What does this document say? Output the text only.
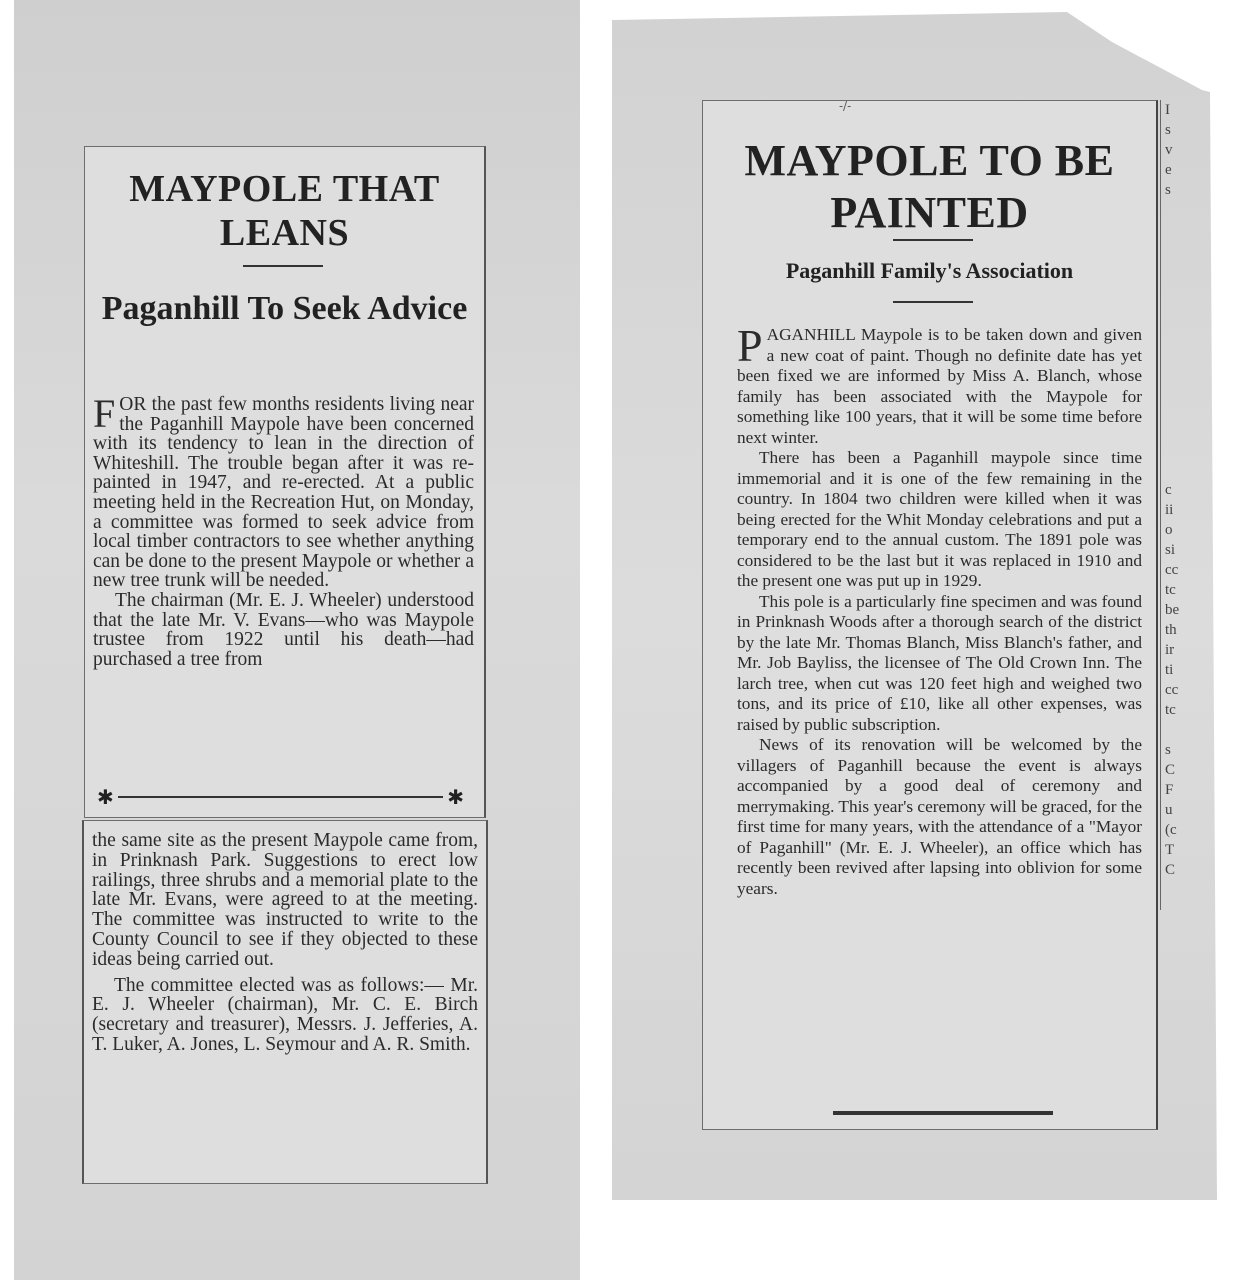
MAYPOLE THAT LEANS
Paganhill To Seek Advice

FOR the past few months residents living near the Paganhill Maypole have been concerned with its tendency to lean in the direction of Whiteshill. The trouble began after it was re-painted in 1947, and re-erected. At a public meeting held in the Recreation Hut, on Monday, a committee was formed to seek advice from local timber contractors to see whether anything can be done to the present Maypole or whether a new tree trunk will be needed.

The chairman (Mr. E. J. Wheeler) understood that the late Mr. V. Evans—who was Maypole trustee from 1922 until his death—had purchased a tree from

✱	✱

the same site as the present Maypole came from, in Prinknash Park. Suggestions to erect low railings, three shrubs and a memorial plate to the late Mr. Evans, were agreed to at the meeting. The committee was instructed to write to the County Council to see if they objected to these ideas being carried out.

The committee elected was as follows:— Mr. E. J. Wheeler (chairman), Mr. C. E. Birch (secretary and treasurer), Messrs. J. Jefferies, A. T. Luker, A. Jones, L. Seymour and A. R. Smith.

-/-
MAYPOLE TO BE PAINTED
Paganhill Family's Association

PAGANHILL Maypole is to be taken down and given a new coat of paint. Though no definite date has yet been fixed we are informed by Miss A. Blanch, whose family has been associated with the Maypole for something like 100 years, that it will be some time before next winter.

There has been a Paganhill maypole since time immemorial and it is one of the few remaining in the country. In 1804 two children were killed when it was being erected for the Whit Monday celebrations and put a temporary end to the annual custom. The 1891 pole was considered to be the last but it was replaced in 1910 and the present one was put up in 1929.

This pole is a particularly fine specimen and was found in Prinknash Woods after a thorough search of the district by the late Mr. Thomas Blanch, Miss Blanch's father, and Mr. Job Bayliss, the licensee of The Old Crown Inn. The larch tree, when cut was 120 feet high and weighed two tons, and its price of £10, like all other expenses, was raised by public subscription.

News of its renovation will be welcomed by the villagers of Paganhill because the event is always accompanied by a good deal of ceremony and merrymaking. This year's ceremony will be graced, for the first time for many years, with the attendance of a "Mayor of Paganhill" (Mr. E. J. Wheeler), an office which has recently been revived after lapsing into oblivion for some years.

I
s
v
e
s
c
ii
o
si
cc
tc
be
th
ir
ti
cc
tc
s
C
F
u
(c
T
C
